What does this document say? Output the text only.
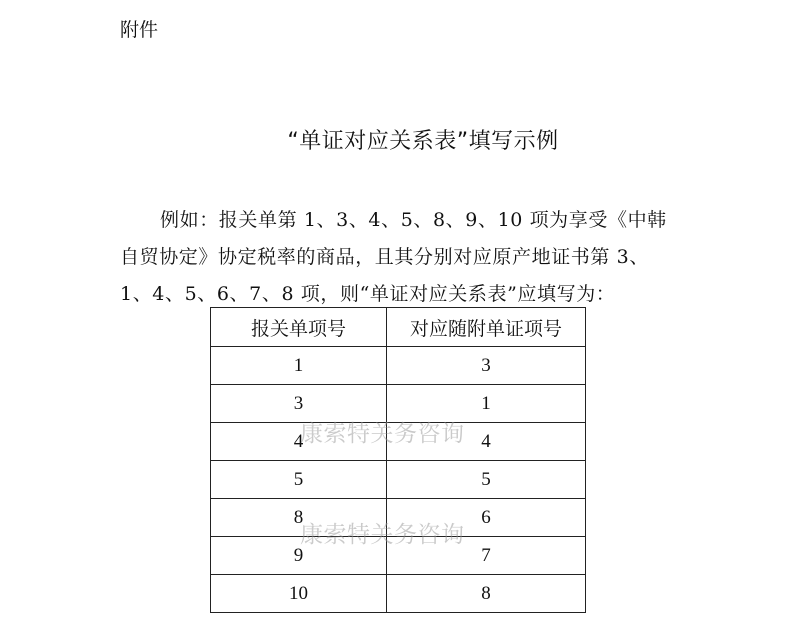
附件
“单证对应关系表”填写示例

例如：报关单第 1、3、4、5、8、9、10 项为享受《中韩自贸协定》协定税率的商品，且其分别对应原产地证书第 3、1、4、5、6、7、8 项，则“单证对应关系表”应填写为：

报关单项号	对应随附单证项号
1	3
3	1
4	4
5	5
8	6
9	7
10	8
康索特关务咨询
康索特关务咨询
